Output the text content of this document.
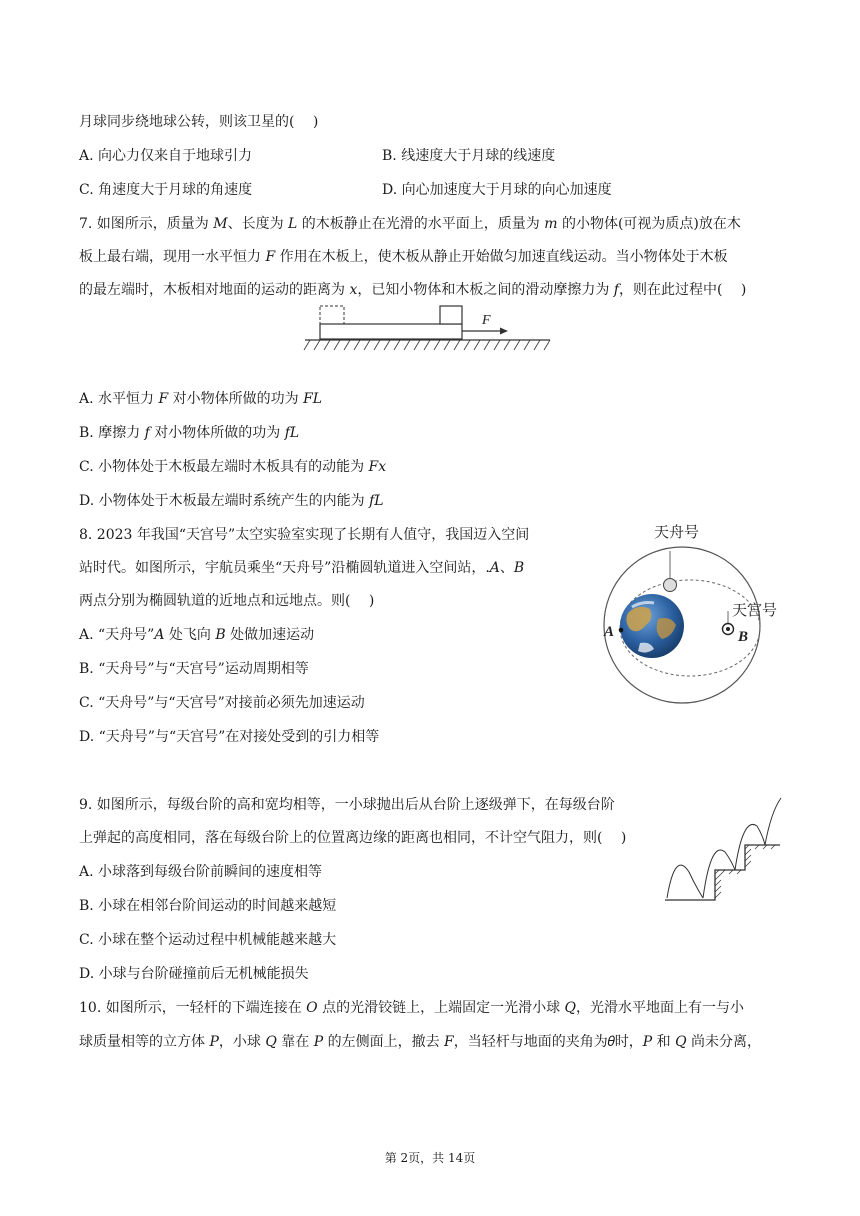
月球同步绕地球公转，则该卫星的(　 )
A. 向心力仅来自于地球引力	B. 线速度大于月球的线速度
C. 角速度大于月球的角速度	D. 向心加速度大于月球的向心加速度
7. 如图所示，质量为 𝑀、长度为 𝐿 的木板静止在光滑的水平面上，质量为 𝑚 的小物体(可视为质点)放在木
板上最右端，现用一水平恒力 𝐹 作用在木板上，使木板从静止开始做匀加速直线运动。当小物体处于木板
的最左端时，木板相对地面的运动的距离为 𝑥，已知小物体和木板之间的滑动摩擦力为 𝑓，则在此过程中(　 )
F
A. 水平恒力 𝐹 对小物体所做的功为 𝐹𝐿
B. 摩擦力 𝑓 对小物体所做的功为 𝑓𝐿
C. 小物体处于木板最左端时木板具有的动能为 𝐹𝑥
D. 小物体处于木板最左端时系统产生的内能为 𝑓𝐿
8. 2023 年我国“天宫号”太空实验室实现了长期有人值守，我国迈入空间
站时代。如图所示，宇航员乘坐“天舟号”沿椭圆轨道进入空间站，.𝐴、𝐵
两点分别为椭圆轨道的近地点和远地点。则(　 )
A. “天舟号”𝐴 处飞向 𝐵 处做加速运动
B. “天舟号”与“天宫号”运动周期相等
C. “天舟号”与“天宫号”对接前必须先加速运动
D. “天舟号”与“天宫号”在对接处受到的引力相等
A
天舟号
天宫号
B
9. 如图所示，每级台阶的高和宽均相等，一小球抛出后从台阶上逐级弹下，在每级台阶
上弹起的高度相同，落在每级台阶上的位置离边缘的距离也相同，不计空气阻力，则(　 )
A. 小球落到每级台阶前瞬间的速度相等
B. 小球在相邻台阶间运动的时间越来越短
C. 小球在整个运动过程中机械能越来越大
D. 小球与台阶碰撞前后无机械能损失
10. 如图所示，一轻杆的下端连接在 𝑂 点的光滑铰链上，上端固定一光滑小球 𝑄，光滑水平地面上有一与小
球质量相等的立方体 𝑃，小球 𝑄 靠在 𝑃 的左侧面上，撤去 𝐹，当轻杆与地面的夹角为𝜃时，𝑃 和 𝑄 尚未分离，
第 2页，共 14页
